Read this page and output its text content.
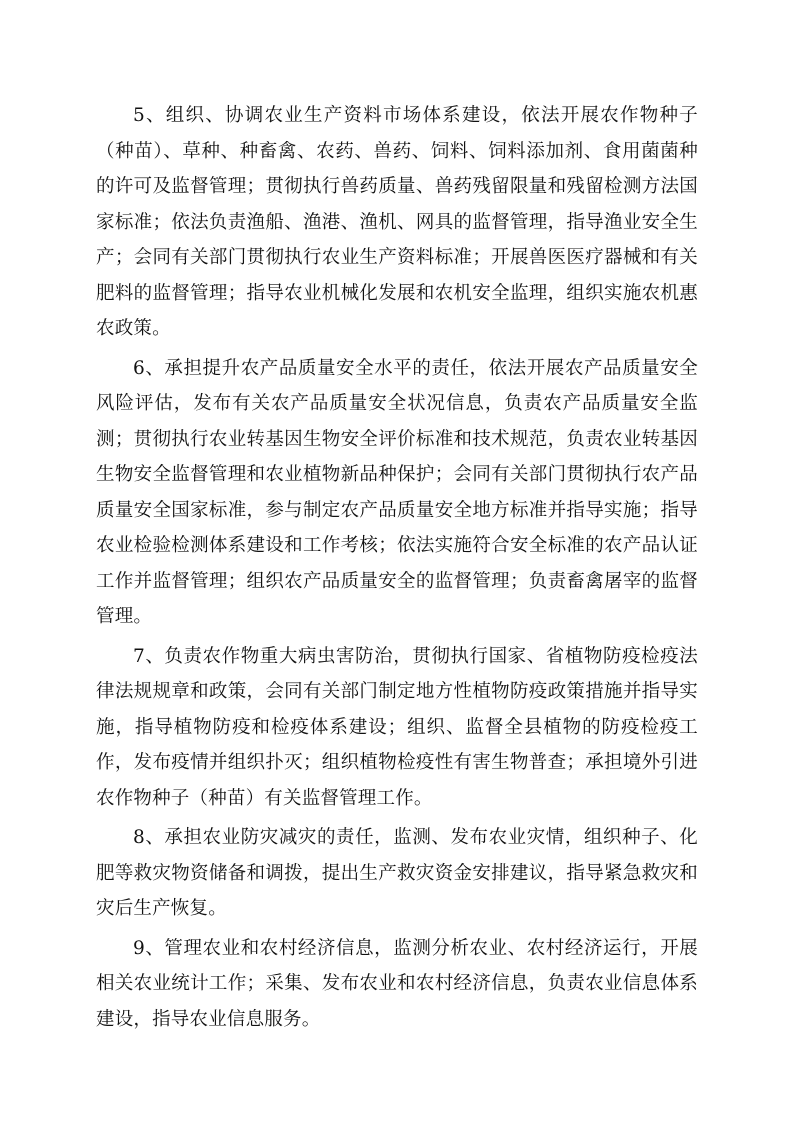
5、组织、协调农业生产资料市场体系建设，依法开展农作物种子（种苗）、草种、种畜禽、农药、兽药、饲料、饲料添加剂、食用菌菌种的许可及监督管理；贯彻执行兽药质量、兽药残留限量和残留检测方法国家标准；依法负责渔船、渔港、渔机、网具的监督管理，指导渔业安全生产；会同有关部门贯彻执行农业生产资料标准；开展兽医医疗器械和有关肥料的监督管理；指导农业机械化发展和农机安全监理，组织实施农机惠农政策。

6、承担提升农产品质量安全水平的责任，依法开展农产品质量安全风险评估，发布有关农产品质量安全状况信息，负责农产品质量安全监测；贯彻执行农业转基因生物安全评价标准和技术规范，负责农业转基因生物安全监督管理和农业植物新品种保护；会同有关部门贯彻执行农产品质量安全国家标准，参与制定农产品质量安全地方标准并指导实施；指导农业检验检测体系建设和工作考核；依法实施符合安全标准的农产品认证工作并监督管理；组织农产品质量安全的监督管理；负责畜禽屠宰的监督管理。

7、负责农作物重大病虫害防治，贯彻执行国家、省植物防疫检疫法律法规规章和政策，会同有关部门制定地方性植物防疫政策措施并指导实施，指导植物防疫和检疫体系建设；组织、监督全县植物的防疫检疫工作，发布疫情并组织扑灭；组织植物检疫性有害生物普查；承担境外引进农作物种子（种苗）有关监督管理工作。

8、承担农业防灾减灾的责任，监测、发布农业灾情，组织种子、化肥等救灾物资储备和调拨，提出生产救灾资金安排建议，指导紧急救灾和灾后生产恢复。

9、管理农业和农村经济信息，监测分析农业、农村经济运行，开展相关农业统计工作；采集、发布农业和农村经济信息，负责农业信息体系建设，指导农业信息服务。
